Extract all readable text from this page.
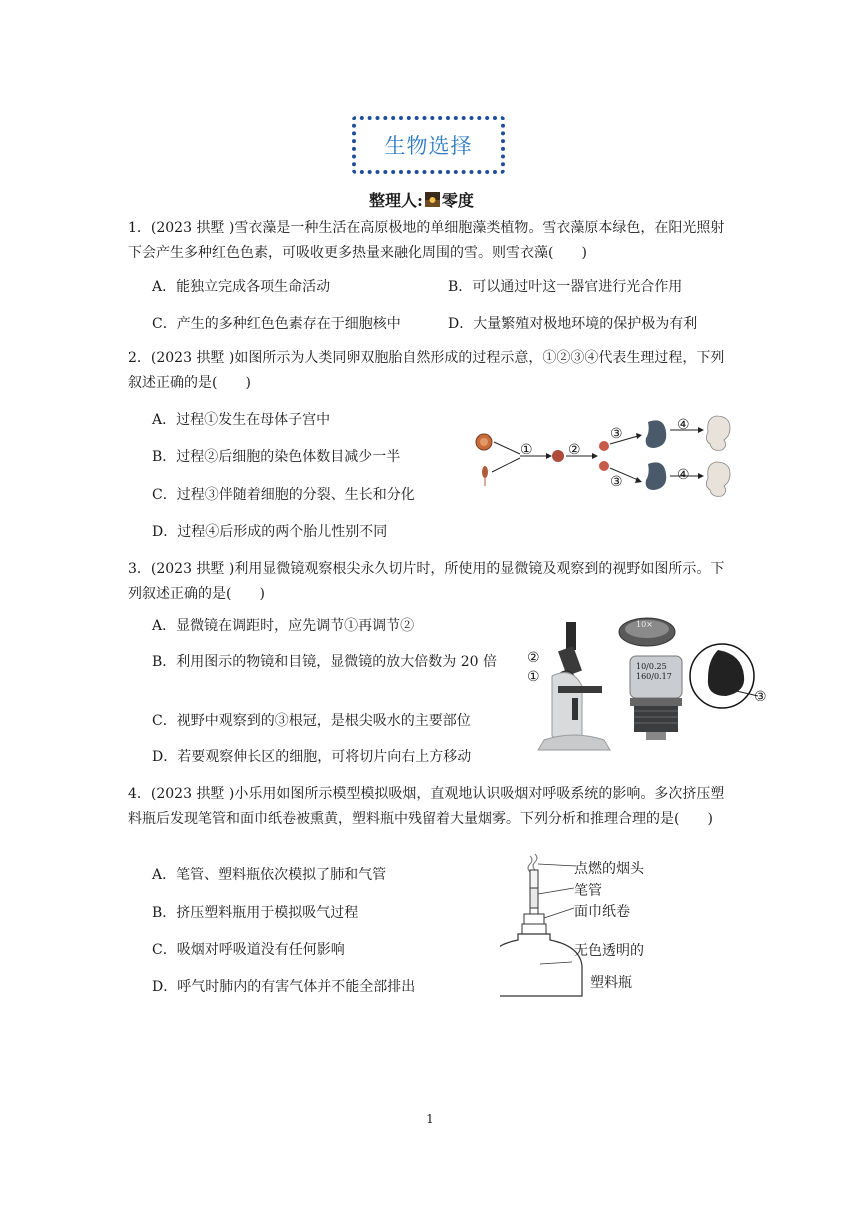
生物选择
整理人: 零度
1．(2023 拱墅 )雪衣藻是一种生活在高原极地的单细胞藻类植物。雪衣藻原本绿色，在阳光照射下会产生多种红色色素，可吸收更多热量来融化周围的雪。则雪衣藻(　　)
A．能独立完成各项生命活动	B．可以通过叶这一器官进行光合作用
C．产生的多种红色色素存在于细胞核中	D．大量繁殖对极地环境的保护极为有利
2．(2023 拱墅 )如图所示为人类同卵双胞胎自然形成的过程示意，①②③④代表生理过程，下列叙述正确的是(　　)
A．过程①发生在母体子宫中
B．过程②后细胞的染色体数目减少一半
C．过程③伴随着细胞的分裂、生长和分化
D．过程④后形成的两个胎儿性别不同
①	②
③
④
③	④
3．(2023 拱墅 )利用显微镜观察根尖永久切片时，所使用的显微镜及观察到的视野如图所示。下列叙述正确的是(　　)
A．显微镜在调距时，应先调节①再调节②
B．利用图示的物镜和目镜，显微镜的放大倍数为 20 倍
C．视野中观察到的③根冠，是根尖吸水的主要部位
D．若要观察伸长区的细胞，可将切片向右上方移动
②
①
③
10×
10/0.25
160/0.17
4．(2023 拱墅 )小乐用如图所示模型模拟吸烟，直观地认识吸烟对呼吸系统的影响。多次挤压塑料瓶后发现笔管和面巾纸卷被熏黄，塑料瓶中残留着大量烟雾。下列分析和推理合理的是(　　)
A．笔管、塑料瓶依次模拟了肺和气管
B．挤压塑料瓶用于模拟吸气过程
C．吸烟对呼吸道没有任何影响
D．呼气时肺内的有害气体并不能全部排出
点燃的烟头
笔管
面巾纸卷
无色透明的
塑料瓶
1
